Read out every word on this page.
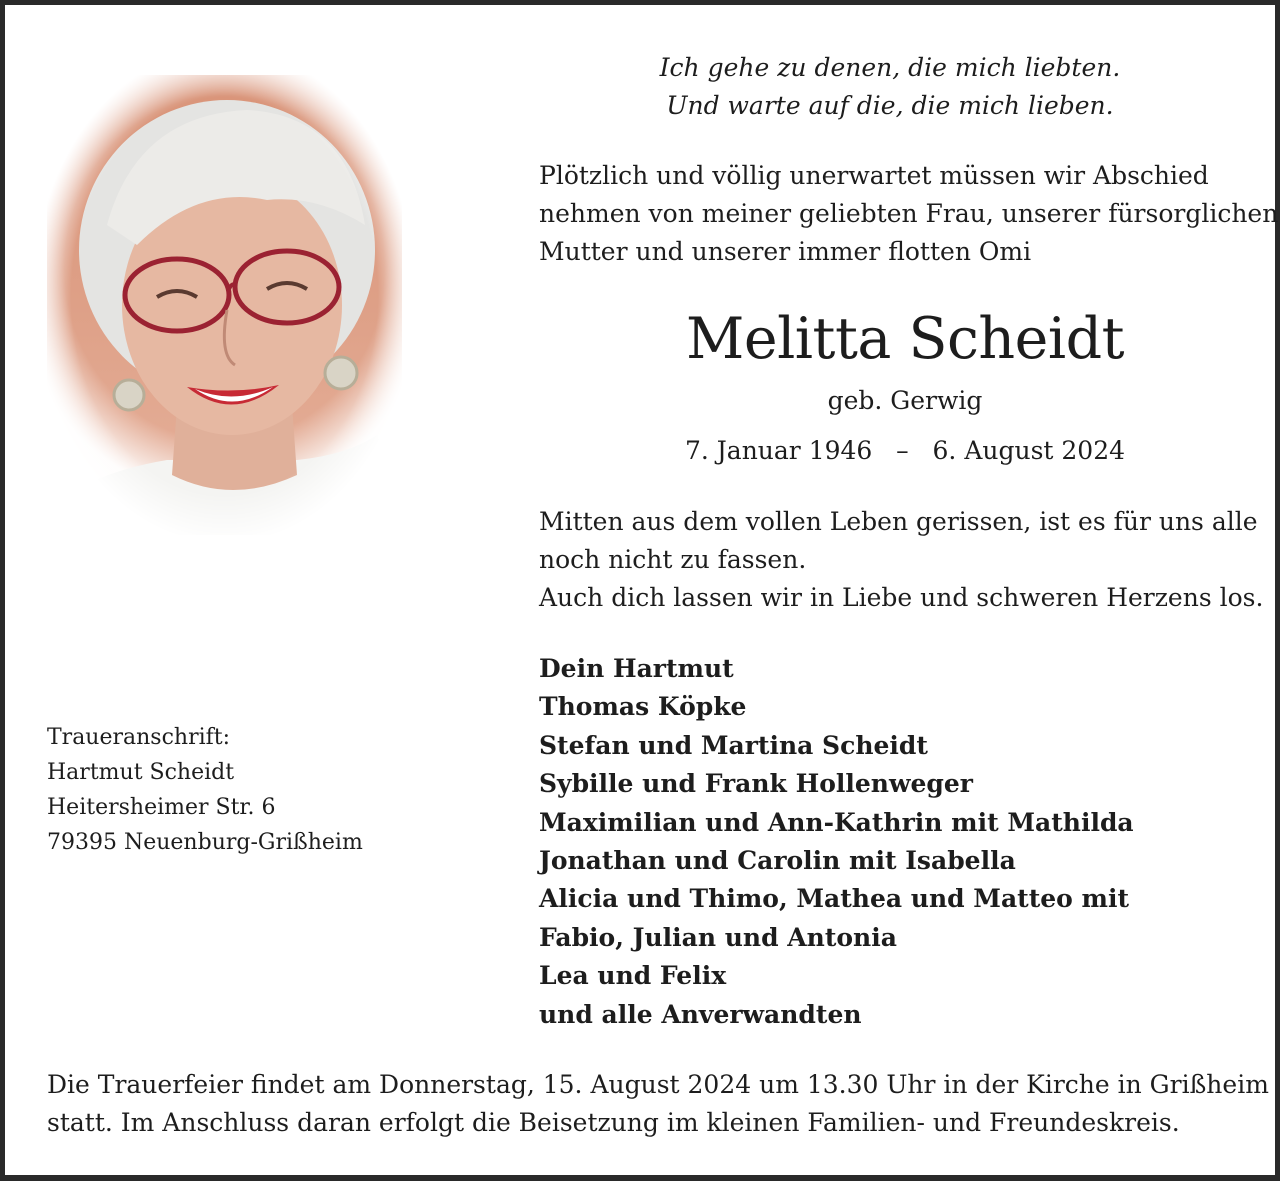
Ich gehe zu denen, die mich liebten.
Und warte auf die, die mich lieben.
Plötzlich und völlig unerwartet müssen wir Abschied
nehmen von meiner geliebten Frau, unserer fürsorglichen
Mutter und unserer immer flotten Omi
Melitta Scheidt
geb. Gerwig
7. Januar 1946 – 6. August 2024
Mitten aus dem vollen Leben gerissen, ist es für uns alle
noch nicht zu fassen.
Auch dich lassen wir in Liebe und schweren Herzens los.
Dein Hartmut
Thomas Köpke
Stefan und Martina Scheidt
Sybille und Frank Hollenweger
Maximilian und Ann-Kathrin mit Mathilda
Jonathan und Carolin mit Isabella
Alicia und Thimo, Mathea und Matteo mit
Fabio, Julian und Antonia
Lea und Felix
und alle Anverwandten
Traueranschrift:
Hartmut Scheidt
Heitersheimer Str. 6
79395 Neuenburg-Grißheim
Die Trauerfeier findet am Donnerstag, 15. August 2024 um 13.30 Uhr in der Kirche in Grißheim
statt. Im Anschluss daran erfolgt die Beisetzung im kleinen Familien- und Freundeskreis.
